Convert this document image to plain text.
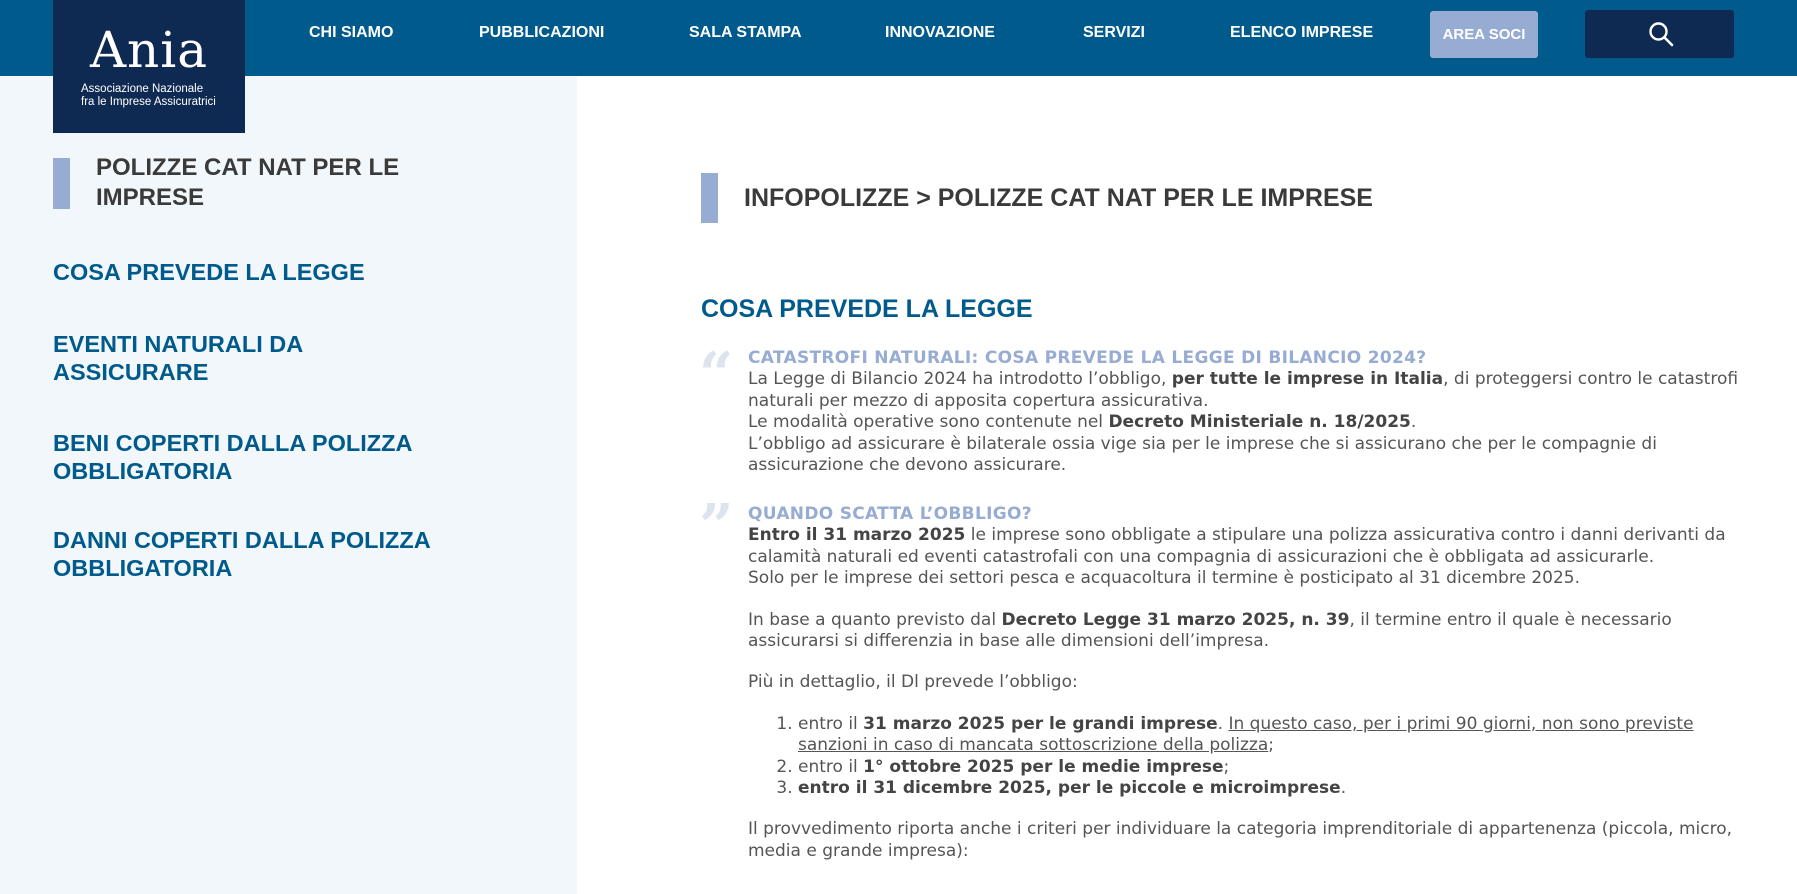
CHI SIAMO	PUBBLICAZIONI	SALA STAMPA	INNOVAZIONE	SERVIZI	ELENCO IMPRESE	AREA SOCI
Ania
Associazione Nazionale
fra le Imprese Assicuratrici
POLIZZE CAT NAT PER LE IMPRESE
COSA PREVEDE LA LEGGE
EVENTI NATURALI DA ASSICURARE
BENI COPERTI DALLA POLIZZA OBBLIGATORIA
DANNI COPERTI DALLA POLIZZA OBBLIGATORIA
INFOPOLIZZE > POLIZZE CAT NAT PER LE IMPRESE
COSA PREVEDE LA LEGGE
“
”

CATASTROFI NATURALI: COSA PREVEDE LA LEGGE DI BILANCIO 2024?

La Legge di Bilancio 2024 ha introdotto l’obbligo, per tutte le imprese in Italia, di proteggersi contro le catastrofi naturali per mezzo di apposita copertura assicurativa.

Le modalità operative sono contenute nel Decreto Ministeriale n. 18/2025.

L’obbligo ad assicurare è bilaterale ossia vige sia per le imprese che si assicurano che per le compagnie di assicurazione che devono assicurare.

QUANDO SCATTA L’OBBLIGO?

Entro il 31 marzo 2025 le imprese sono obbligate a stipulare una polizza assicurativa contro i danni derivanti da calamità naturali ed eventi catastrofali con una compagnia di assicurazioni che è obbligata ad assicurarle.

Solo per le imprese dei settori pesca e acquacoltura il termine è posticipato al 31 dicembre 2025.

In base a quanto previsto dal Decreto Legge 31 marzo 2025, n. 39, il termine entro il quale è necessario assicurarsi si differenzia in base alle dimensioni dell’impresa.

Più in dettaglio, il Dl prevede l’obbligo:

1. entro il 31 marzo 2025 per le grandi imprese. In questo caso, per i primi 90 giorni, non sono previste sanzioni in caso di mancata sottoscrizione della polizza;
2. entro il 1° ottobre 2025 per le medie imprese;
3. entro il 31 dicembre 2025, per le piccole e microimprese.

Il provvedimento riporta anche i criteri per individuare la categoria imprenditoriale di appartenenza (piccola, micro, media e grande impresa):
